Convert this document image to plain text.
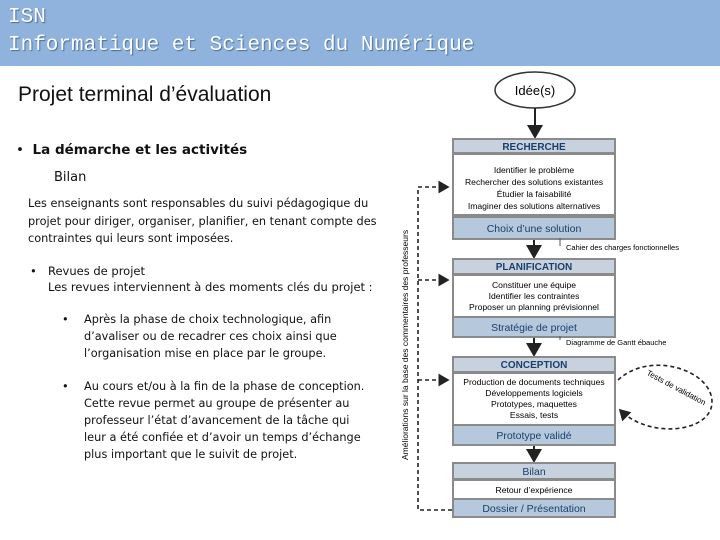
ISN
Informatique et Sciences du Numérique
Projet terminal d’évaluation
•  La démarche et les activités
Bilan
Les enseignants sont responsables du suivi pédagogique du projet pour diriger, organiser, planifier, en tenant compte des contraintes qui leurs sont imposées.
• Revues de projet
Les revues interviennent à des moments clés du projet :
• Après la phase de choix technologique, afin d’avaliser ou de recadrer ces choix ainsi que l’organisation mise en place par le groupe.
• Au cours et/ou à la fin de la phase de conception. Cette revue permet au groupe de présenter au professeur l’état d’avancement de la tâche qui leur a été confiée et d’avoir un temps d’échange plus important que le suivit de projet.
Idée(s)
RECHERCHE
Identifier le problème
Rechercher des solutions existantes
Étudier la faisabilité
Imaginer des solutions alternatives
Choix d’une solution
Cahier des charges fonctionnelles
PLANIFICATION
Constituer une équipe
Identifier les contraintes
Proposer un planning prévisionnel
Stratégie de projet
Diagramme de Gantt ébauche
CONCEPTION
Production de documents techniques
Développements logiciels
Prototypes, maquettes
Essais, tests
Prototype validé
Bilan
Retour d’expérience
Dossier / Présentation
Améliorations sur la base des commentaires des professeurs	Tests de validation
